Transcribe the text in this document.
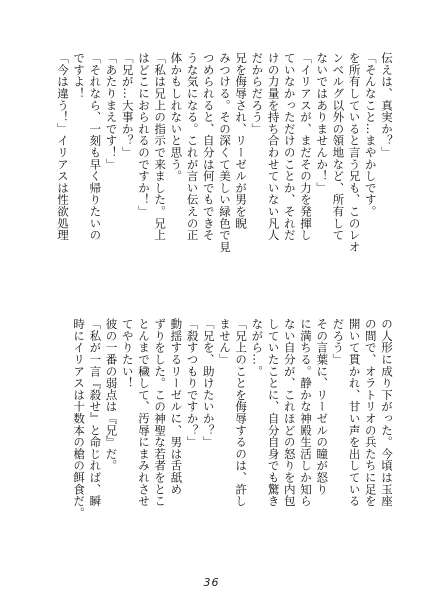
伝えは、真実か？」
「そんなこと…まやかしです。
を所有していると言う兄も、このレオ
ンベルグ以外の領地など、所有して
ないではありませんか！」
「イリアスが、まだその力を発揮し
ていなかっただけのことか、それだ
けの力量を持ち合わせていない凡人
だからだろう」
兄を侮辱され、リーゼルが男を睨
みつける。その深くて美しい緑色で見
つめられると、自分は何でもできそ
うな気になる。これが言い伝えの正
体かもしれないと思う。
「私は兄上の指示で来ました。兄上
はどこにおられるのですか！」
「兄が…大事か？」
「あたりまえです！」
「それなら、一刻も早く帰りたいの
ですよ！
「今は違う！」イリアスは性欲処理
の人形に成り下がった。今頃は玉座
の間で、オラトリオの兵たちに足を
開いて貫かれ、甘い声を出している
だろう」
その言葉に、リーゼルの瞳が怒り
に満ちる。静かな神殿生活しか知ら
ない自分が、これほどの怒りを内包
していたことに、自分自身でも驚き
ながら…。
「兄上のことを侮辱するのは、許し
ません」
「兄を、助けたいか？」
「殺すつもりですか？」
動揺するリーゼルに、男は舌舐め
ずりをした。この神聖な若者をとこ
とんまで穢して、汚辱にまみれさせ
てやりたい！
彼の一番の弱点は『兄』だ。
「私が一言『殺せ』と命じれば、瞬
時にイリアスは十数本の槍の餌食だ。
36
